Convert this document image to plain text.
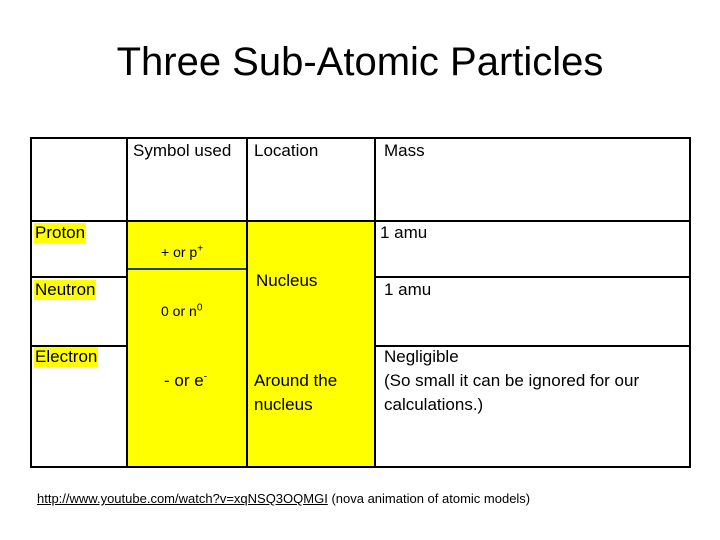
Three Sub-Atomic Particles
Symbol used Location	Mass
Proton
Neutron
Electron
+ or p+
0 or $n^0$
- or e-
Nucleus
Around the
nucleus
1 amu
1 amu
Negligible
(So small it can be ignored for our
calculations.)
http://www.youtube.com/watch?v=xqNSQ3OQMGI (nova animation of atomic models)
